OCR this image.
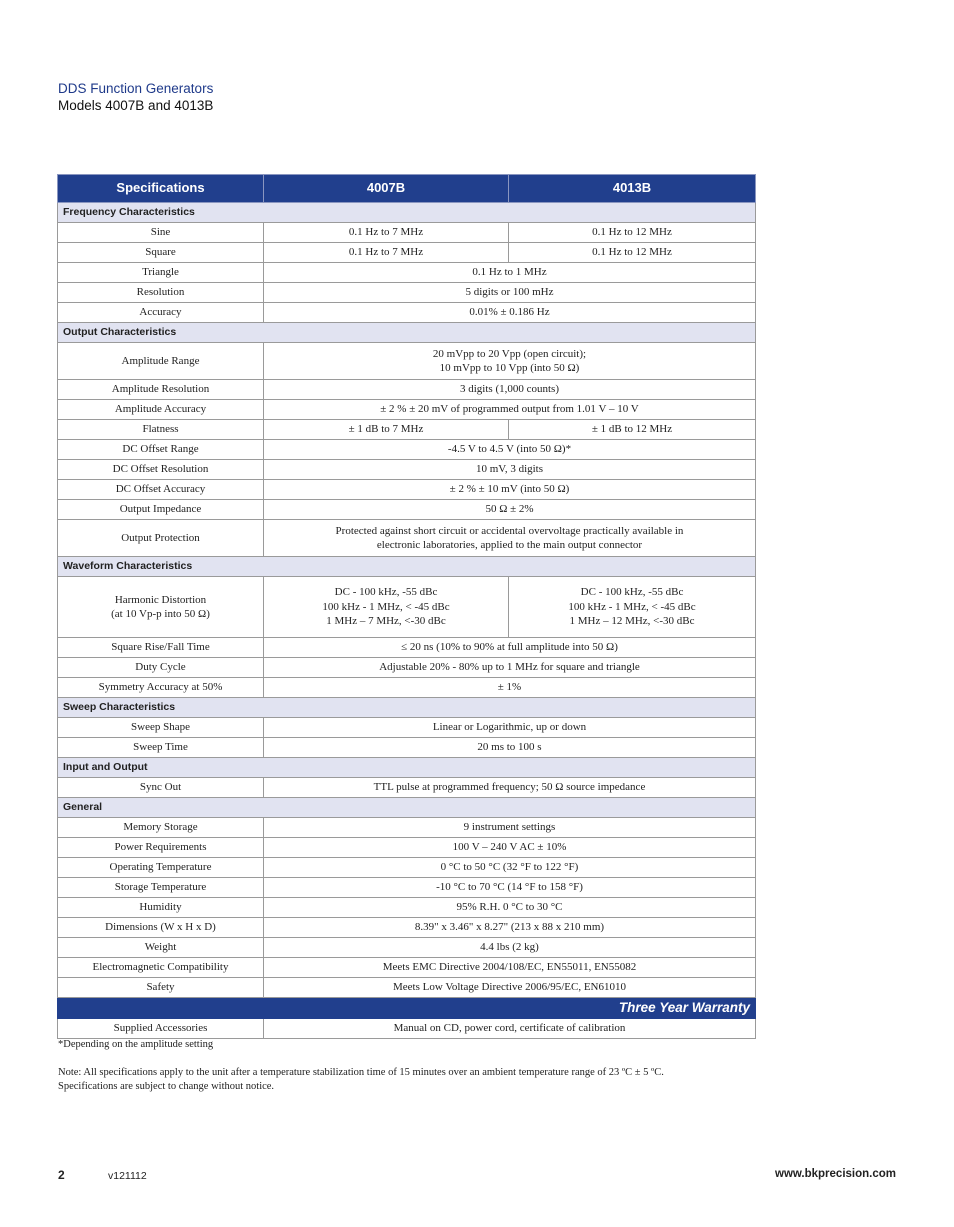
DDS Function Generators
Models 4007B and 4013B
Specifications	4007B	4013B
Frequency Characteristics		
Sine	0.1 Hz to 7 MHz	0.1 Hz to 12 MHz
Square	0.1 Hz to 7 MHz	0.1 Hz to 12 MHz
Triangle	0.1 Hz to 1 MHz	
Resolution	5 digits or 100 mHz	
Accuracy	0.01% ± 0.186 Hz	
Output Characteristics		
Amplitude Range	20 mVpp to 20 Vpp (open circuit);
10 mVpp to 10 Vpp (into 50 Ω)	

Amplitude Resolution	3 digits (1,000 counts)	
Amplitude Accuracy	± 2 % ± 20 mV of programmed output from 1.01 V – 10 V	
Flatness	± 1 dB to 7 MHz	± 1 dB to 12 MHz
DC Offset Range	-4.5 V to 4.5 V (into 50 Ω)*	
DC Offset Resolution	10 mV, 3 digits	
DC Offset Accuracy	± 2 % ± 10 mV (into 50 Ω)	
Output Impedance	50 Ω ± 2%	
Output Protection	Protected against short circuit or accidental overvoltage practically available in
electronic laboratories, applied to the main output connector	

Waveform Characteristics		

Harmonic Distortion
(at 10 Vp-p into 50 Ω)	DC - 100 kHz, -55 dBc
100 kHz - 1 MHz, < -45 dBc
1 MHz – 7 MHz, <-30 dBc	DC - 100 kHz, -55 dBc
100 kHz - 1 MHz, < -45 dBc
1 MHz – 12 MHz, <-30 dBc

Square Rise/Fall Time	≤ 20 ns (10% to 90% at full amplitude into 50 Ω)	
Duty Cycle	Adjustable 20% - 80% up to 1 MHz for square and triangle	
Symmetry Accuracy at 50%	± 1%	
Sweep Characteristics		
Sweep Shape	Linear or Logarithmic, up or down	
Sweep Time	20 ms to 100 s	
Input and Output		
Sync Out	TTL pulse at programmed frequency; 50 Ω source impedance	
General		
Memory Storage	9 instrument settings	
Power Requirements	100 V – 240 V AC ± 10%	
Operating Temperature	0 °C to 50 °C (32 °F to 122 °F)	
Storage Temperature	-10 °C to 70 °C (14 °F to 158 °F)	
Humidity	95% R.H. 0 °C to 30 °C	
Dimensions (W x H x D)	8.39" x 3.46" x 8.27" (213 x 88 x 210 mm)	
Weight	4.4 lbs (2 kg)	
Electromagnetic Compatibility	Meets EMC Directive 2004/108/EC, EN55011, EN55082	
Safety	Meets Low Voltage Directive 2006/95/EC, EN61010	
Three Year Warranty		
Supplied Accessories	Manual on CD, power cord, certificate of calibration	
*Depending on the amplitude setting
Note: All specifications apply to the unit after a temperature stabilization time of 15 minutes over an ambient temperature range of 23 ºC ± 5 ºC.
Specifications are subject to change without notice.
2	v121112	www.bkprecision.com
